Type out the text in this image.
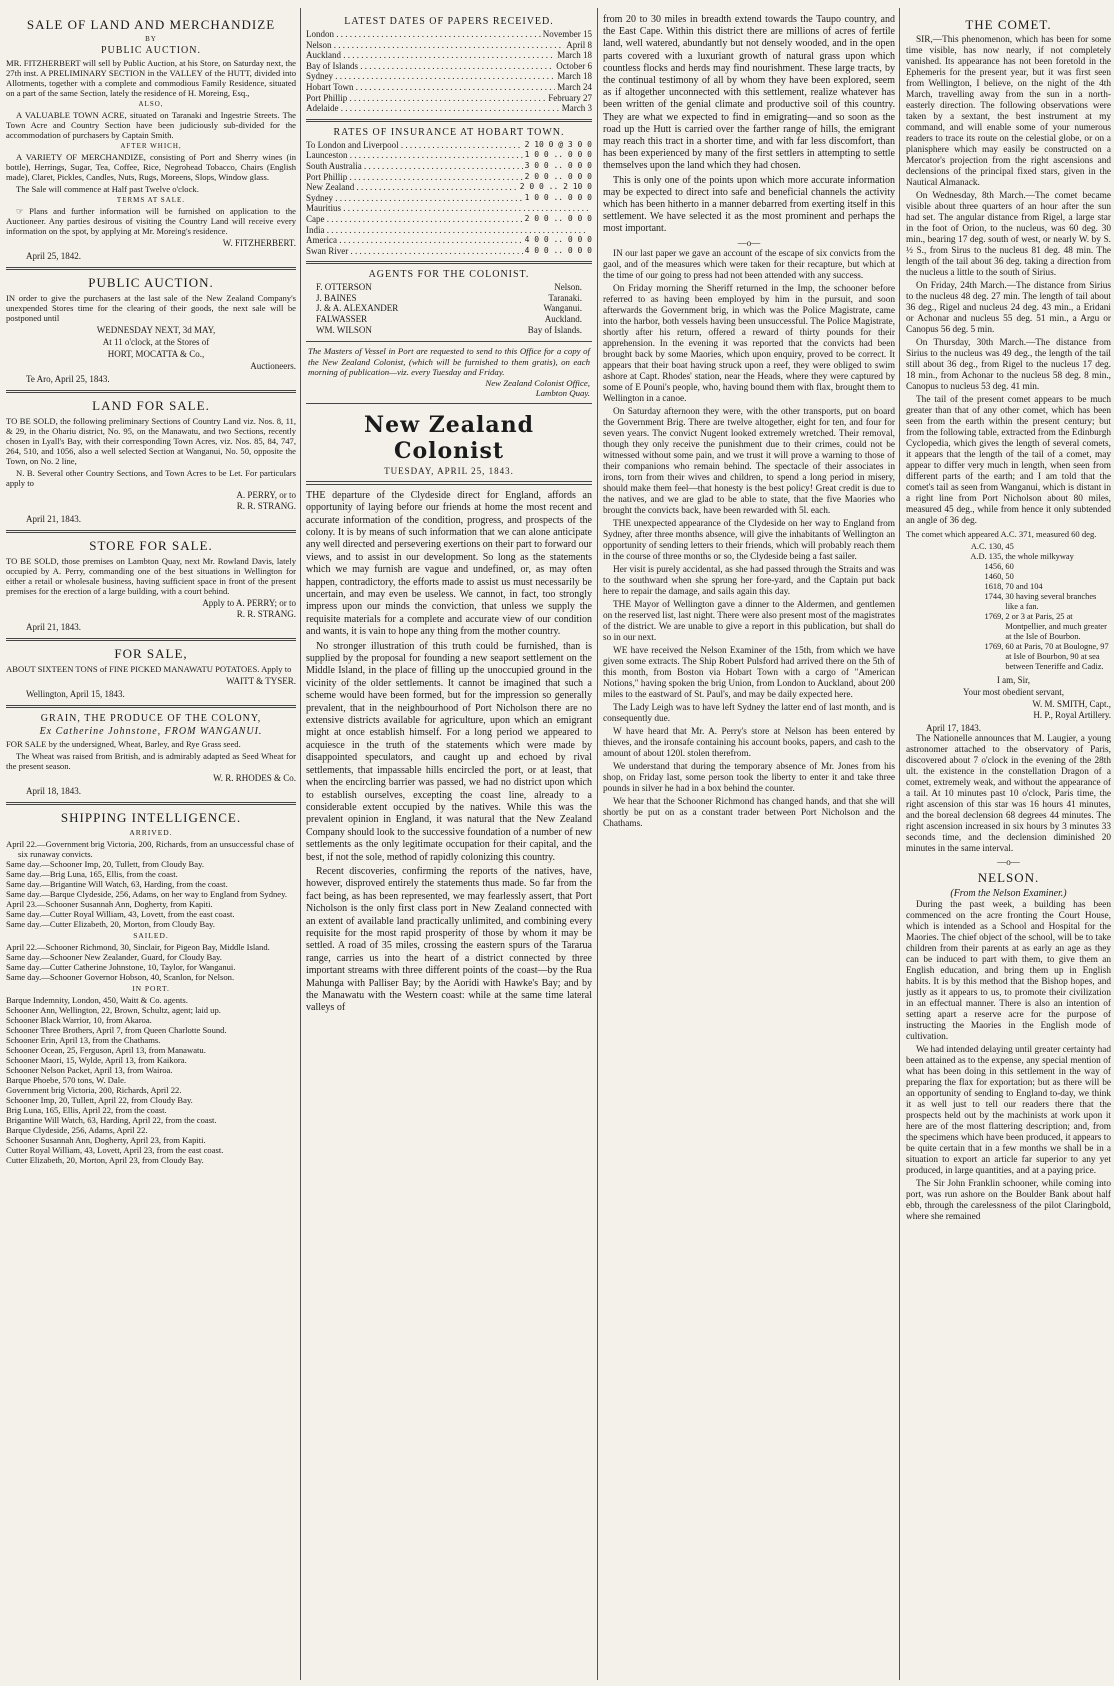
SALE OF LAND AND MERCHANDIZE
BY
PUBLIC AUCTION.

MR. FITZHERBERT will sell by Public Auction, at his Store, on Saturday next, the 27th inst. A PRELIMINARY SECTION in the VALLEY of the HUTT, divided into Allotments, together with a complete and commodious Family Residence, situated on a part of the same Section, lately the residence of H. Moreing, Esq.,

ALSO,

A VALUABLE TOWN ACRE, situated on Taranaki and Ingestrie Streets. The Town Acre and Country Section have been judiciously sub-divided for the accommodation of purchasers by Captain Smith.

AFTER WHICH,

A VARIETY OF MERCHANDIZE, consisting of Port and Sherry wines (in bottle), Herrings, Sugar, Tea, Coffee, Rice, Negrohead Tobacco, Chairs (English made), Claret, Pickles, Candles, Nuts, Rugs, Moreens, Slops, Window glass.

The Sale will commence at Half past Twelve o'clock.

TERMS AT SALE.

☞ Plans and further information will be furnished on application to the Auctioneer. Any parties desirous of visiting the Country Land will receive every information on the spot, by applying at Mr. Moreing's residence.

W. FITZHERBERT.

April 25, 1842.

PUBLIC AUCTION.

IN order to give the purchasers at the last sale of the New Zealand Company's unexpended Stores time for the clearing of their goods, the next sale will be postponed until

WEDNESDAY NEXT, 3d MAY,

At 11 o'clock, at the Stores of

HORT, MOCATTA & Co.,

Auctioneers.

Te Aro, April 25, 1843.

LAND FOR SALE.

TO BE SOLD, the following preliminary Sections of Country Land viz. Nos. 8, 11, & 29, in the Ohariu district, No. 95, on the Manawatu, and two Sections, recently chosen in Lyall's Bay, with their corresponding Town Acres, viz. Nos. 85, 84, 747, 264, 510, and 1056, also a well selected Section at Wanganui, No. 50, opposite the Town, on No. 2 line,

N. B. Several other Country Sections, and Town Acres to be Let. For particulars apply to

A. PERRY, or to

R. R. STRANG.

April 21, 1843.

STORE FOR SALE.

TO BE SOLD, those premises on Lambton Quay, next Mr. Rowland Davis, lately occupied by A. Perry, commanding one of the best situations in Wellington for either a retail or wholesale business, having sufficient space in front of the present premises for the erection of a large building, with a court behind.

Apply to A. PERRY; or to

R. R. STRANG.

April 21, 1843.

FOR SALE,

ABOUT SIXTEEN TONS of FINE PICKED MANAWATU POTATOES. Apply to

WAITT & TYSER.

Wellington, April 15, 1843.

GRAIN, THE PRODUCE OF THE COLONY,
Ex Catherine Johnstone, FROM WANGANUI.

FOR SALE by the undersigned, Wheat, Barley, and Rye Grass seed.

The Wheat was raised from British, and is admirably adapted as Seed Wheat for the present season.

W. R. RHODES & Co.

April 18, 1843.

SHIPPING INTELLIGENCE.
ARRIVED.
April 22.—Government brig Victoria, 200, Richards, from an unsuccessful chase of six runaway convicts.
Same day.—Schooner Imp, 20, Tullett, from Cloudy Bay.
Same day.—Brig Luna, 165, Ellis, from the coast.
Same day.—Brigantine Will Watch, 63, Harding, from the coast.
Same day.—Barque Clydeside, 256, Adams, on her way to England from Sydney.
April 23.—Schooner Susannah Ann, Dogherty, from Kapiti.
Same day.—Cutter Royal William, 43, Lovett, from the east coast.
Same day.—Cutter Elizabeth, 20, Morton, from Cloudy Bay.
SAILED.
April 22.—Schooner Richmond, 30, Sinclair, for Pigeon Bay, Middle Island.
Same day.—Schooner New Zealander, Guard, for Cloudy Bay.
Same day.—Cutter Catherine Johnstone, 10, Taylor, for Wanganui.
Same day.—Schooner Governor Hobson, 40, Scanlon, for Nelson.
IN PORT.
Barque Indemnity, London, 450, Waitt & Co. agents.
Schooner Ann, Wellington, 22, Brown, Schultz, agent; laid up.
Schooner Black Warrior, 10, from Akaroa.
Schooner Three Brothers, April 7, from Queen Charlotte Sound.
Schooner Erin, April 13, from the Chathams.
Schooner Ocean, 25, Ferguson, April 13, from Manawatu.
Schooner Maori, 15, Wylde, April 13, from Kaikora.
Schooner Nelson Packet, April 13, from Wairoa.
Barque Phoebe, 570 tons, W. Dale.
Government brig Victoria, 200, Richards, April 22.
Schooner Imp, 20, Tullett, April 22, from Cloudy Bay.
Brig Luna, 165, Ellis, April 22, from the coast.
Brigantine Will Watch, 63, Harding, April 22, from the coast.
Barque Clydeside, 256, Adams, April 22.
Schooner Susannah Ann, Dogherty, April 23, from Kapiti.
Cutter Royal William, 43, Lovett, April 23, from the east coast.
Cutter Elizabeth, 20, Morton, April 23, from Cloudy Bay.
LATEST DATES OF PAPERS RECEIVED.
London . . .	November 15
Nelson . . .	April 8
Auckland . . .	March 18
Bay of Islands . . .	October 6
Sydney . . .	March 18
Hobart Town . . .	March 24
Port Phillip . . .	February 27
Adelaide . . .	March 3
RATES OF INSURANCE AT HOBART TOWN.
To London and Liverpool . . .	2 10 0 @ 3 0 0
Launceston . . .	1 0 0 .. 0 0 0
South Australia . . .	3 0 0 .. 0 0 0
Port Phillip . . .	2 0 0 .. 0 0 0
New Zealand . . .	2 0 0 .. 2 10 0
Sydney . . .	1 0 0 .. 0 0 0
Mauritius . . .
Cape . . .	2 0 0 .. 0 0 0
India . . .
America . . .	4 0 0 .. 0 0 0
Swan River . . .	4 0 0 .. 0 0 0
AGENTS FOR THE COLONIST.
F. OTTERSON	Nelson.
J. BAINES	Taranaki.
J. & A. ALEXANDER	Wanganui.
FALWASSER	Auckland.
WM. WILSON	Bay of Islands.
The Masters of Vessel in Port are requested to send to this Office for a copy of the New Zealand Colonist, (which will be furnished to them gratis), on each morning of publication—viz. every Tuesday and Friday.
New Zealand Colonist Office,
Lambton Quay.
New Zealand Colonist
TUESDAY, APRIL 25, 1843.

THE departure of the Clydeside direct for England, affords an opportunity of laying before our friends at home the most recent and accurate information of the condition, progress, and prospects of the colony. It is by means of such information that we can alone anticipate any well directed and persevering exertions on their part to forward our views, and to assist in our development. So long as the statements which we may furnish are vague and undefined, or, as may often happen, contradictory, the efforts made to assist us must necessarily be uncertain, and may even be useless. We cannot, in fact, too strongly impress upon our minds the conviction, that unless we supply the requisite materials for a complete and accurate view of our condition and wants, it is vain to hope any thing from the mother country.

No stronger illustration of this truth could be furnished, than is supplied by the proposal for founding a new seaport settlement on the Middle Island, in the place of filling up the unoccupied ground in the vicinity of the older settlements. It cannot be imagined that such a scheme would have been formed, but for the impression so generally prevalent, that in the neighbourhood of Port Nicholson there are no extensive districts available for agriculture, upon which an emigrant might at once establish himself. For a long period we appeared to acquiesce in the truth of the statements which were made by disappointed speculators, and caught up and echoed by rival settlements, that impassable hills encircled the port, or at least, that when the encircling barrier was passed, we had no district upon which to establish ourselves, excepting the coast line, already to a considerable extent occupied by the natives. While this was the prevalent opinion in England, it was natural that the New Zealand Company should look to the successive foundation of a number of new settlements as the only legitimate occupation for their capital, and the best, if not the sole, method of rapidly colonizing this country.

Recent discoveries, confirming the reports of the natives, have, however, disproved entirely the statements thus made. So far from the fact being, as has been represented, we may fearlessly assert, that Port Nicholson is the only first class port in New Zealand connected with an extent of available land practically unlimited, and combining every requisite for the most rapid prosperity of those by whom it may be settled. A road of 35 miles, crossing the eastern spurs of the Tararua range, carries us into the heart of a district connected by three important streams with three different points of the coast—by the Rua Mahunga with Palliser Bay; by the Aoridi with Hawke's Bay; and by the Manawatu with the Western coast: while at the same time lateral valleys of

from 20 to 30 miles in breadth extend towards the Taupo country, and the East Cape. Within this district there are millions of acres of fertile land, well watered, abundantly but not densely wooded, and in the open parts covered with a luxuriant growth of natural grass upon which countless flocks and herds may find nourishment. These large tracts, by the continual testimony of all by whom they have been explored, seem as if altogether unconnected with this settlement, realize whatever has been written of the genial climate and productive soil of this country. They are what we expected to find in emigrating—and so soon as the road up the Hutt is carried over the farther range of hills, the emigrant may reach this tract in a shorter time, and with far less discomfort, than has been experienced by many of the first settlers in attempting to settle themselves upon the land which they had chosen.

This is only one of the points upon which more accurate information may be expected to direct into safe and beneficial channels the activity which has been hitherto in a manner debarred from exerting itself in this settlement. We have selected it as the most prominent and perhaps the most important.

—o—

IN our last paper we gave an account of the escape of six convicts from the gaol, and of the measures which were taken for their recapture, but which at the time of our going to press had not been attended with any success.

On Friday morning the Sheriff returned in the Imp, the schooner before referred to as having been employed by him in the pursuit, and soon afterwards the Government brig, in which was the Police Magistrate, came into the harbor, both vessels having been unsuccessful. The Police Magistrate, shortly after his return, offered a reward of thirty pounds for their apprehension. In the evening it was reported that the convicts had been brought back by some Maories, which upon enquiry, proved to be correct. It appears that their boat having struck upon a reef, they were obliged to swim ashore at Capt. Rhodes' station, near the Heads, where they were captured by some of E Pouni's people, who, having bound them with flax, brought them to Wellington in a canoe.

On Saturday afternoon they were, with the other transports, put on board the Government Brig. There are twelve altogether, eight for ten, and four for seven years. The convict Nugent looked extremely wretched. Their removal, though they only receive the punishment due to their crimes, could not be witnessed without some pain, and we trust it will prove a warning to those of their companions who remain behind. The spectacle of their associates in irons, torn from their wives and children, to spend a long period in misery, should make them feel—that honesty is the best policy! Great credit is due to the natives, and we are glad to be able to state, that the five Maories who brought the convicts back, have been rewarded with 5l. each.

THE unexpected appearance of the Clydeside on her way to England from Sydney, after three months absence, will give the inhabitants of Wellington an opportunity of sending letters to their friends, which will probably reach them in the course of three months or so, the Clydeside being a fast sailer.

Her visit is purely accidental, as she had passed through the Straits and was to the southward when she sprung her fore-yard, and the Captain put back here to repair the damage, and sails again this day.

THE Mayor of Wellington gave a dinner to the Aldermen, and gentlemen on the reserved list, last night. There were also present most of the magistrates of the district. We are unable to give a report in this publication, but shall do so in our next.

WE have received the Nelson Examiner of the 15th, from which we have given some extracts. The Ship Robert Pulsford had arrived there on the 5th of this month, from Boston via Hobart Town with a cargo of "American Notions," having spoken the brig Union, from London to Auckland, about 200 miles to the eastward of St. Paul's, and may be daily expected here.

The Lady Leigh was to have left Sydney the latter end of last month, and is consequently due.

W have heard that Mr. A. Perry's store at Nelson has been entered by thieves, and the ironsafe containing his account books, papers, and cash to the amount of about 120l. stolen therefrom.

We understand that during the temporary absence of Mr. Jones from his shop, on Friday last, some person took the liberty to enter it and take three pounds in silver he had in a box behind the counter.

We hear that the Schooner Richmond has changed hands, and that she will shortly be put on as a constant trader between Port Nicholson and the Chathams.

THE COMET.

SIR,—This phenomenon, which has been for some time visible, has now nearly, if not completely vanished. Its appearance has not been foretold in the Ephemeris for the present year, but it was first seen from Wellington, I believe, on the night of the 4th March, travelling away from the sun in a north-easterly direction. The following observations were taken by a sextant, the best instrument at my command, and will enable some of your numerous readers to trace its route on the celestial globe, or on a planisphere which may easily be constructed on a Mercator's projection from the right ascensions and declensions of the principal fixed stars, given in the Nautical Almanack.

On Wednesday, 8th March.—The comet became visible about three quarters of an hour after the sun had set. The angular distance from Rigel, a large star in the foot of Orion, to the nucleus, was 60 deg. 30 min., bearing 17 deg. south of west, or nearly W. by S. ½ S., from Sirus to the nucleus 81 deg. 48 min. The length of the tail about 36 deg. taking a direction from the nucleus a little to the south of Sirius.

On Friday, 24th March.—The distance from Sirius to the nucleus 48 deg. 27 min. The length of tail about 36 deg., Rigel and nucleus 24 deg. 43 min., a Eridani or Achonar and nucleus 55 deg. 51 min., a Argu or Canopus 56 deg. 5 min.

On Thursday, 30th March.—The distance from Sirius to the nucleus was 49 deg., the length of the tail still about 36 deg., from Rigel to the nucleus 17 deg. 18 min., from Achonar to the nucleus 58 deg. 8 min., Canopus to nucleus 53 deg. 41 min.

The tail of the present comet appears to be much greater than that of any other comet, which has been seen from the earth within the present century; but from the following table, extracted from the Edinburgh Cyclopedia, which gives the length of several comets, it appears that the length of the tail of a comet, may appear to differ very much in length, when seen from different parts of the earth; and I am told that the comet's tail as seen from Wanganui, which is distant in a right line from Port Nicholson about 80 miles, measured 45 deg., while from hence it only subtended an angle of 36 deg.

The comet which appeared A.C. 371, measured 60 deg.

A.C. 130,	45
A.D. 135,	the whole milkyway
1456,	60
1460,	50
1618,	70 and 104
1744,	30 having several branches like a fan.
1769,	2 or 3 at Paris, 25 at Montpellier, and much greater at the Isle of Bourbon.
1769,	60 at Paris, 70 at Boulogne, 97 at Isle of Bourbon, 90 at sea between Teneriffe and Cadiz.

I am, Sir,

Your most obedient servant,

W. M. SMITH, Capt.,

H. P., Royal Artillery.

April 17, 1843.

The Nationelle announces that M. Laugier, a young astronomer attached to the observatory of Paris, discovered about 7 o'clock in the evening of the 28th ult. the existence in the constellation Dragon of a comet, extremely weak, and without the appearance of a tail. At 10 minutes past 10 o'clock, Paris time, the right ascension of this star was 16 hours 41 minutes, and the boreal declension 68 degrees 44 minutes. The right ascension increased in six hours by 3 minutes 33 seconds time, and the declension diminished 20 minutes in the same interval.

—o—
NELSON.
(From the Nelson Examiner.)

During the past week, a building has been commenced on the acre fronting the Court House, which is intended as a School and Hospital for the Maories. The chief object of the school, will be to take children from their parents at as early an age as they can be induced to part with them, to give them an English education, and bring them up in English habits. It is by this method that the Bishop hopes, and justly as it appears to us, to promote their civilization in an effectual manner. There is also an intention of setting apart a reserve acre for the purpose of instructing the Maories in the English mode of cultivation.

We had intended delaying until greater certainty had been attained as to the expense, any special mention of what has been doing in this settlement in the way of preparing the flax for exportation; but as there will be an opportunity of sending to England to-day, we think it as well just to tell our readers there that the prospects held out by the machinists at work upon it here are of the most flattering description; and, from the specimens which have been produced, it appears to be quite certain that in a few months we shall be in a situation to export an article far superior to any yet produced, in large quantities, and at a paying price.

The Sir John Franklin schooner, while coming into port, was run ashore on the Boulder Bank about half ebb, through the carelessness of the pilot Claringbold, where she remained
